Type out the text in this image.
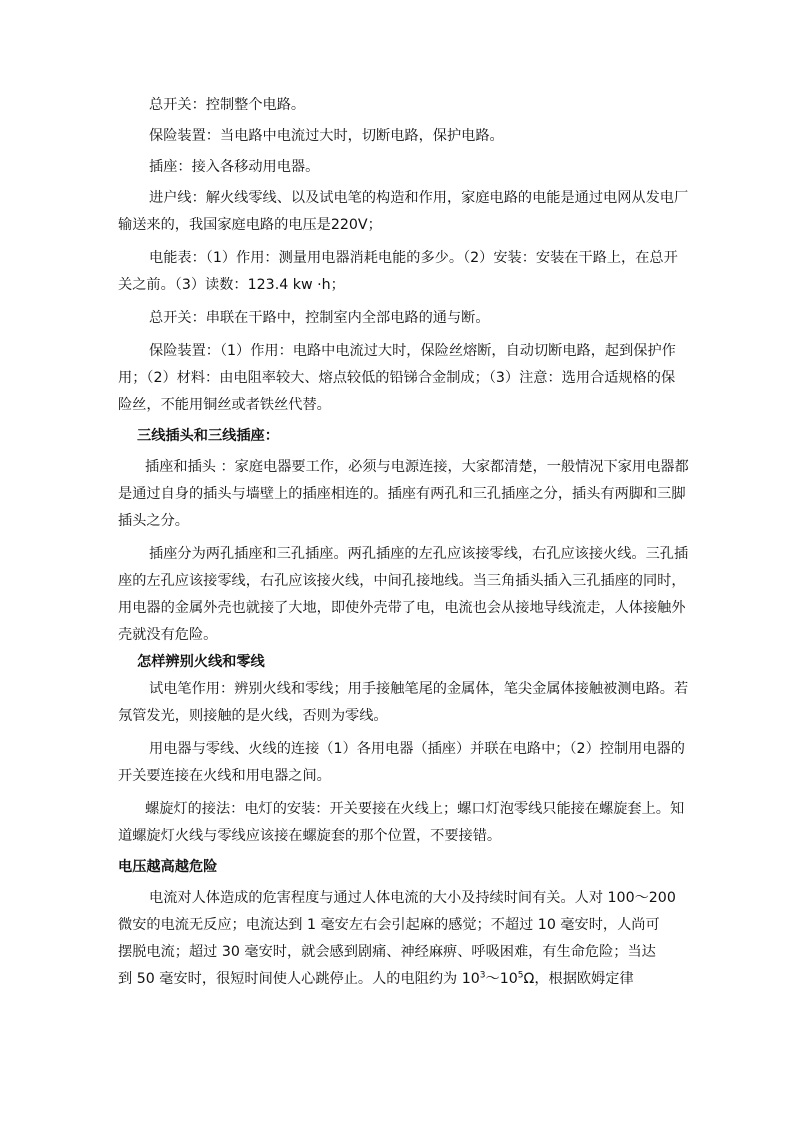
总开关：控制整个电路。

保险装置：当电路中电流过大时，切断电路，保护电路。

插座：接入各移动用电器。

进户线：解火线零线、以及试电笔的构造和作用，家庭电路的电能是通过电网从发电厂
输送来的，我国家庭电路的电压是220V；

电能表：（1）作用：测量用电器消耗电能的多少。（2）安装：安装在干路上，在总开
关之前。（3）读数：123.4 kw ·h；

总开关：串联在干路中，控制室内全部电路的通与断。

保险装置：（1）作用：电路中电流过大时，保险丝熔断，自动切断电路，起到保护作
用；（2）材料：由电阻率较大、熔点较低的铅锑合金制成；（3）注意：选用合适规格的保
险丝，不能用铜丝或者铁丝代替。

三线插头和三线插座：

插座和插头 ：家庭电器要工作，必须与电源连接，大家都清楚，一般情况下家用电器都
是通过自身的插头与墙壁上的插座相连的。插座有两孔和三孔插座之分，插头有两脚和三脚
插头之分。

插座分为两孔插座和三孔插座。两孔插座的左孔应该接零线，右孔应该接火线。三孔插
座的左孔应该接零线，右孔应该接火线，中间孔接地线。当三角插头插入三孔插座的同时，
用电器的金属外壳也就接了大地，即使外壳带了电，电流也会从接地导线流走，人体接触外
壳就没有危险。

怎样辨别火线和零线

试电笔作用：辨别火线和零线；用手接触笔尾的金属体，笔尖金属体接触被测电路。若
氖管发光，则接触的是火线，否则为零线。

用电器与零线、火线的连接（1）各用电器（插座）并联在电路中；（2）控制用电器的
开关要连接在火线和用电器之间。

螺旋灯的接法：电灯的安装：开关要接在火线上；螺口灯泡零线只能接在螺旋套上。知
道螺旋灯火线与零线应该接在螺旋套的那个位置，不要接错。

电压越高越危险

电流对人体造成的危害程度与通过人体电流的大小及持续时间有关。人对 100～200
微安的电流无反应；电流达到 1 毫安左右会引起麻的感觉；不超过 10 毫安时，人尚可
摆脱电流；超过 30 毫安时，就会感到剧痛、神经麻痹、呼吸困难，有生命危险；当达
到 50 毫安时，很短时间使人心跳停止。人的电阻约为 $10^3\sim 10^5\Omega$，根据欧姆定律
